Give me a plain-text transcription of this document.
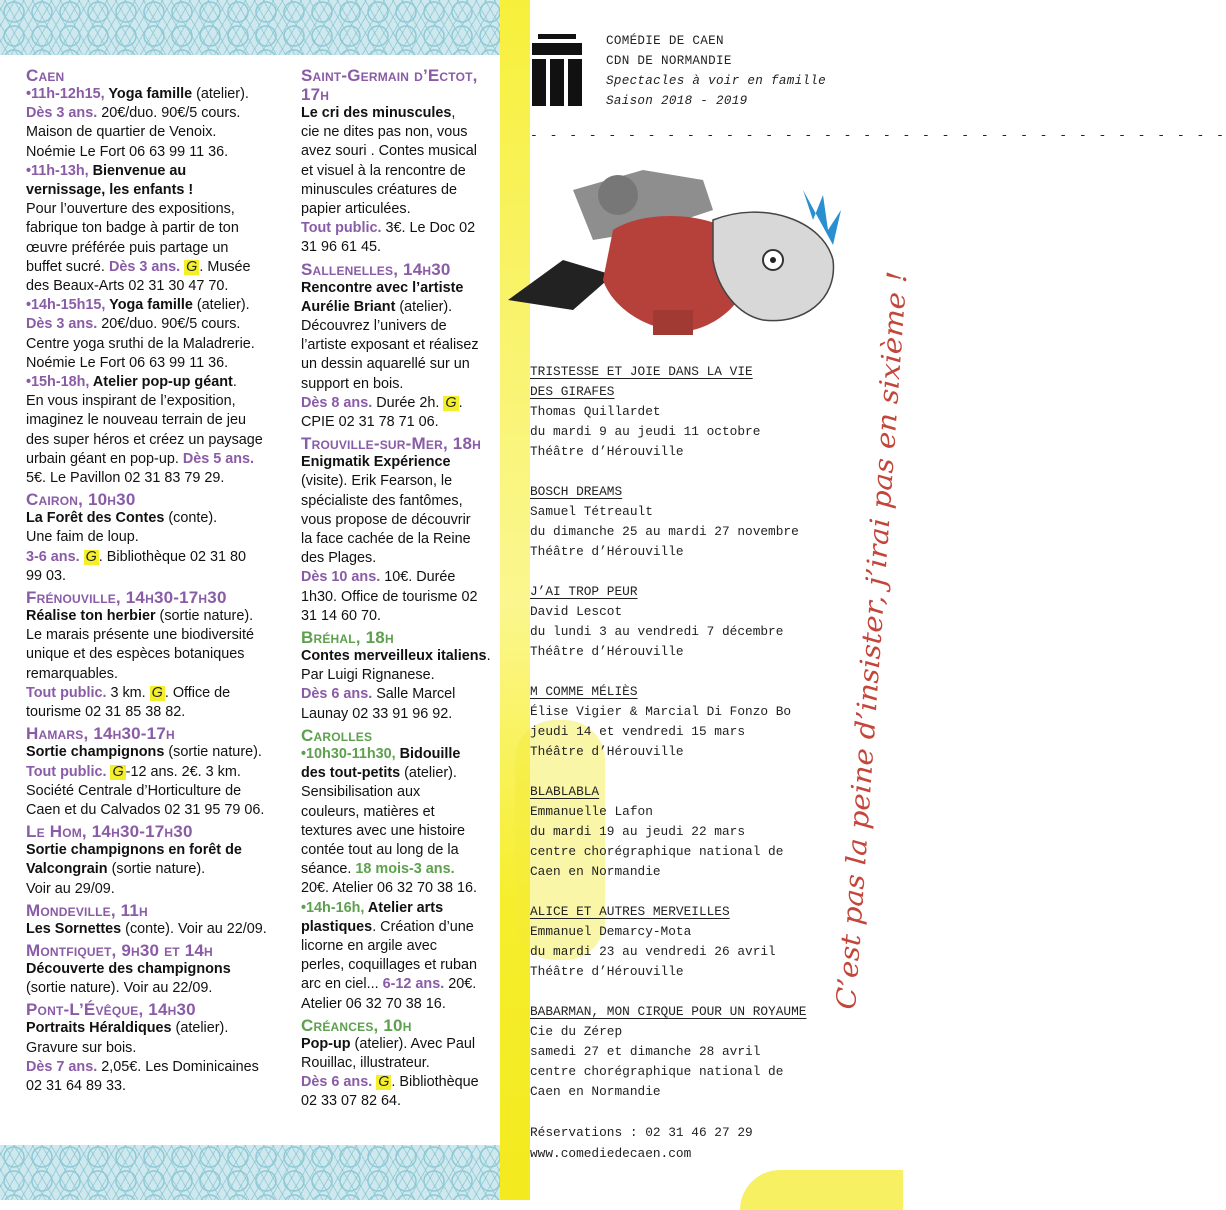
Caen
•11h-12h15, Yoga famille (atelier).
Dès 3 ans. 20€/duo. 90€/5 cours.
Maison de quartier de Venoix.
Noémie Le Fort 06 63 99 11 36.
•11h-13h, Bienvenue au
vernissage, les enfants !
Pour l’ouverture des expositions,
fabrique ton badge à partir de ton
œuvre préférée puis partage un
buffet sucré. Dès 3 ans. G . Musée
des Beaux-Arts 02 31 30 47 70.
•14h-15h15, Yoga famille (atelier).
Dès 3 ans. 20€/duo. 90€/5 cours.
Centre yoga sruthi de la Maladrerie.
Noémie Le Fort 06 63 99 11 36.
•15h-18h, Atelier pop-up géant.
En vous inspirant de l’exposition,
imaginez le nouveau terrain de jeu
des super héros et créez un paysage
urbain géant en pop-up. Dès 5 ans.
5€. Le Pavillon 02 31 83 79 29.
Cairon, 10h30
La Forêt des Contes (conte).
Une faim de loup.
3-6 ans. G . Bibliothèque 02 31 80
99 03.
Frénouville, 14h30-17h30
Réalise ton herbier (sortie nature).
Le marais présente une biodiversité
unique et des espèces botaniques
remarquables.
Tout public. 3 km. G . Office de
tourisme 02 31 85 38 82.
Hamars, 14h30-17h
Sortie champignons (sortie nature).
Tout public. G -12 ans. 2€. 3 km.
Société Centrale d’Horticulture de
Caen et du Calvados 02 31 95 79 06.
Le Hom, 14h30-17h30
Sortie champignons en forêt de
Valcongrain (sortie nature).
Voir au 29/09.
Mondeville, 11h
Les Sornettes (conte). Voir au 22/09.
Montfiquet, 9h30 et 14h
Découverte des champignons
(sortie nature). Voir au 22/09.
Pont-L’Évêque, 14h30
Portraits Héraldiques (atelier).
Gravure sur bois.
Dès 7 ans. 2,05€. Les Dominicaines
02 31 64 89 33.
Saint-Germain d’Ectot, 17h
Le cri des minuscules,
cie ne dites pas non, vous
avez souri . Contes musical
et visuel à la rencontre de
minuscules créatures de
papier articulées.
Tout public. 3€. Le Doc 02
31 96 61 45.
Sallenelles, 14h30
Rencontre avec l’artiste
Aurélie Briant (atelier).
Découvrez l’univers de
l’artiste exposant et réalisez
un dessin aquarellé sur un
support en bois.
Dès 8 ans. Durée 2h. G .
CPIE 02 31 78 71 06.
Trouville-sur-Mer, 18h
Enigmatik Expérience
(visite). Erik Fearson, le
spécialiste des fantômes,
vous propose de découvrir
la face cachée de la Reine
des Plages.
Dès 10 ans. 10€. Durée
1h30. Office de tourisme 02
31 14 60 70.
Bréhal, 18h
Contes merveilleux italiens.
Par Luigi Rignanese.
Dès 6 ans. Salle Marcel
Launay 02 33 91 96 92.
Carolles
•10h30-11h30, Bidouille
des tout-petits (atelier).
Sensibilisation aux
couleurs, matières et
textures avec une histoire
contée tout au long de la
séance. 18 mois-3 ans.
20€. Atelier 06 32 70 38 16.
•14h-16h, Atelier arts
plastiques. Création d’une
licorne en argile avec
perles, coquillages et ruban
arc en ciel... 6-12 ans. 20€.
Atelier 06 32 70 38 16.
Créances, 10h
Pop-up (atelier). Avec Paul
Rouillac, illustrateur.
Dès 6 ans. G . Bibliothèque
02 33 07 82 64.
COMÉDIE DE CAEN
CDN DE NORMANDIE
Spectacles à voir en famille
Saison 2018 - 2019
- - - - - - - - - - - - - - - - - - - - - - - - - - - - - - - - - - - -
TRISTESSE ET JOIE DANS LA VIE
DES GIRAFES
Thomas Quillardet
du mardi 9 au jeudi 11 octobre
Théâtre d’Hérouville
BOSCH DREAMS
Samuel Tétreault
du dimanche 25 au mardi 27 novembre
Théâtre d’Hérouville
J’AI TROP PEUR
David Lescot
du lundi 3 au vendredi 7 décembre
Théâtre d’Hérouville
M COMME MÉLIÈS
Élise Vigier & Marcial Di Fonzo Bo
jeudi 14 et vendredi 15 mars
Théâtre d’Hérouville
BLABLABLA
Emmanuelle Lafon
du mardi 19 au jeudi 22 mars
centre chorégraphique national de
Caen en Normandie
ALICE ET AUTRES MERVEILLES
Emmanuel Demarcy-Mota
du mardi 23 au vendredi 26 avril
Théâtre d’Hérouville
BABARMAN, MON CIRQUE POUR UN ROYAUME
Cie du Zérep
samedi 27 et dimanche 28 avril
centre chorégraphique national de
Caen en Normandie
Réservations : 02 31 46 27 29
www.comediedecaen.com
C’est pas la peine d’insister, j’irai pas en sixième !
